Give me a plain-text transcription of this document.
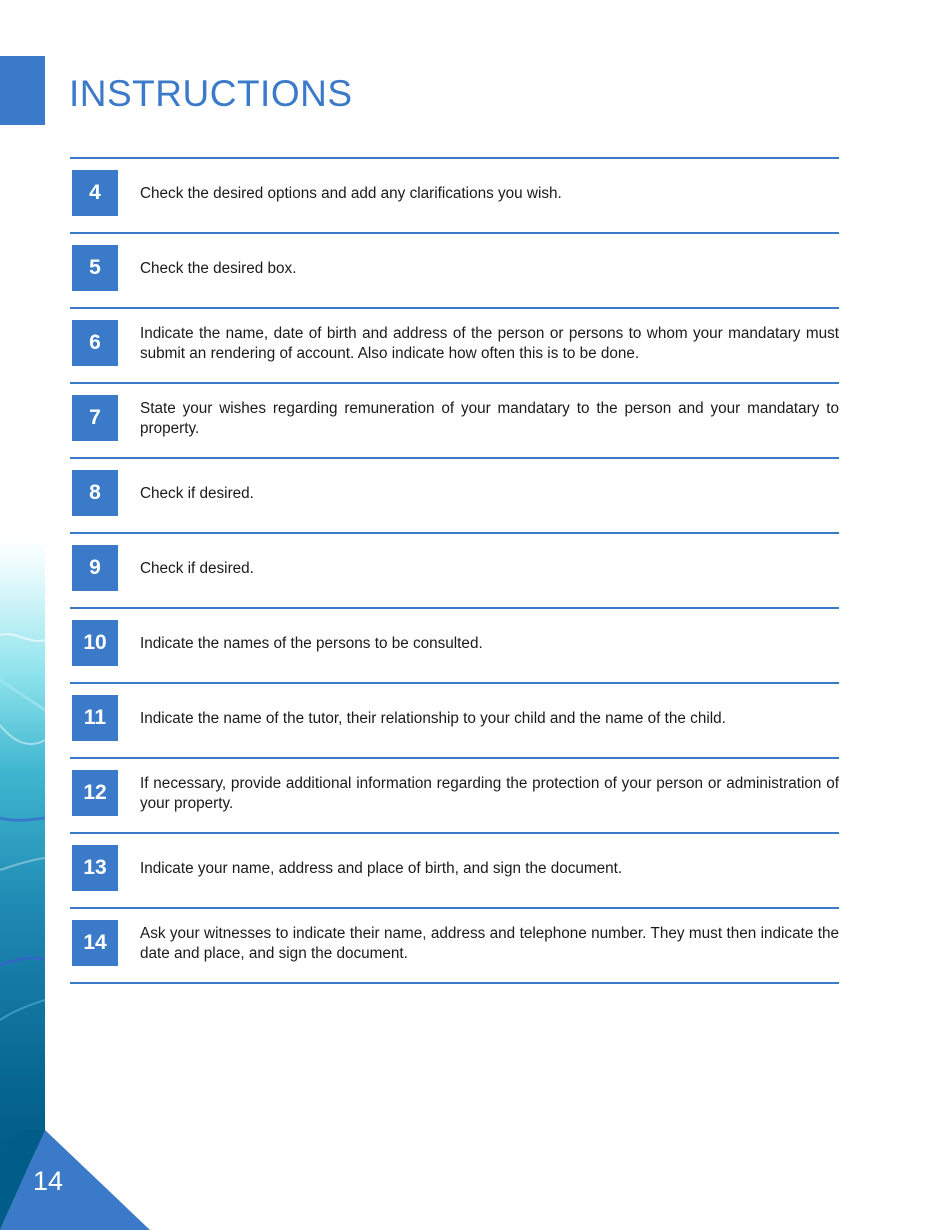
INSTRUCTIONS
14
4	Check the desired options and add any clarifications you wish.
5	Check the desired box.
6	Indicate the name, date of birth and address of the person or persons to whom your mandatary must submit an rendering of account. Also indicate how often this is to be done.
7	State your wishes regarding remuneration of your mandatary to the person and your mandatary to property.
8	Check if desired.
9	Check if desired.
10	Indicate the names of the persons to be consulted.
11	Indicate the name of the tutor, their relationship to your child and the name of the child.
12	If necessary, provide additional information regarding the protection of your person or administration of your property.
13	Indicate your name, address and place of birth, and sign the document.
14	Ask your witnesses to indicate their name, address and telephone number. They must then indicate the date and place, and sign the document.
